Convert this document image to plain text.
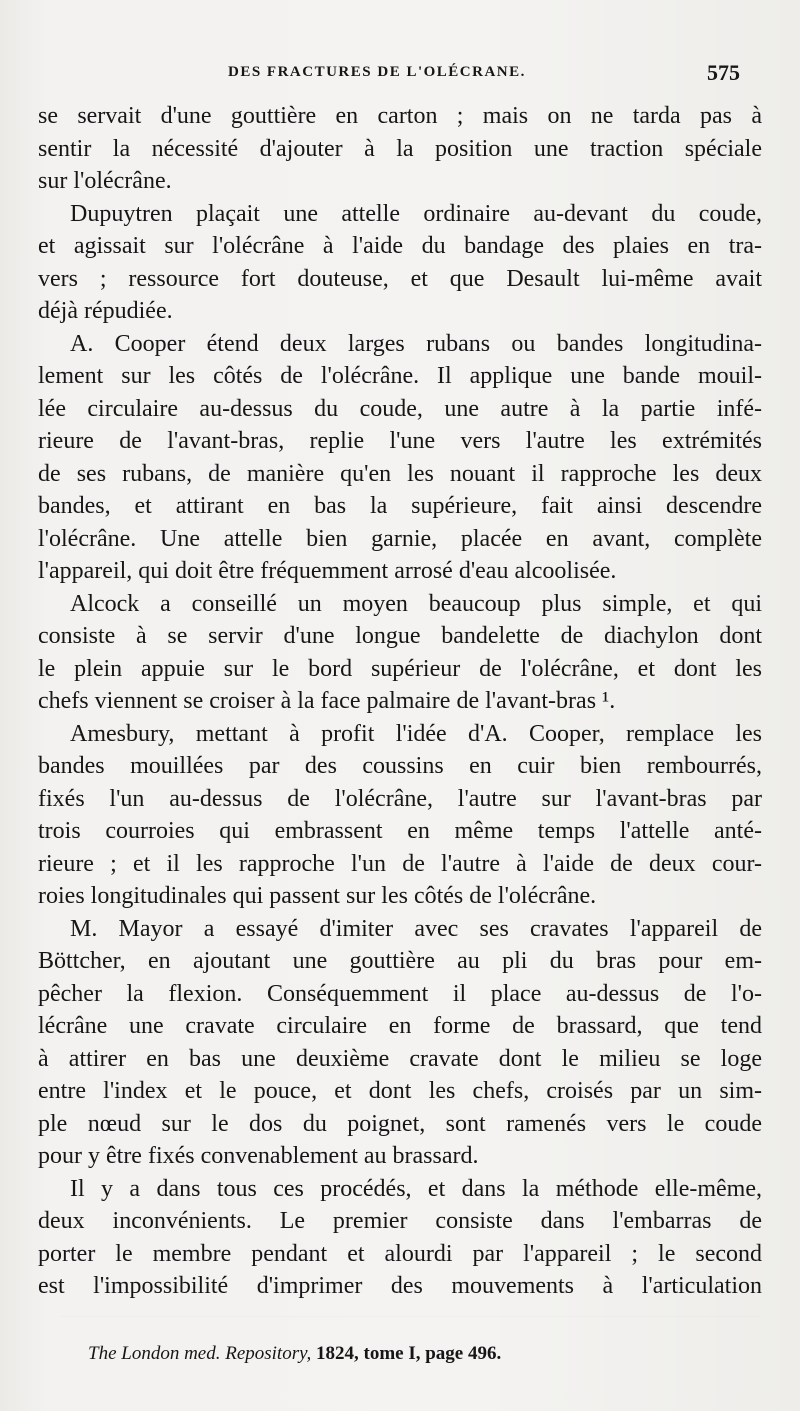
DES FRACTURES DE L'OLÉCRANE.	575
se servait d'une gouttière en carton ; mais on ne tarda pas à
sentir la nécessité d'ajouter à la position une traction spéciale
sur l'olécrâne.
Dupuytren plaçait une attelle ordinaire au-devant du coude,
et agissait sur l'olécrâne à l'aide du bandage des plaies en tra-
vers ; ressource fort douteuse, et que Desault lui-même avait
déjà répudiée.
A. Cooper étend deux larges rubans ou bandes longitudina-
lement sur les côtés de l'olécrâne. Il applique une bande mouil-
lée circulaire au-dessus du coude, une autre à la partie infé-
rieure de l'avant-bras, replie l'une vers l'autre les extrémités
de ses rubans, de manière qu'en les nouant il rapproche les deux
bandes, et attirant en bas la supérieure, fait ainsi descendre
l'olécrâne. Une attelle bien garnie, placée en avant, complète
l'appareil, qui doit être fréquemment arrosé d'eau alcoolisée.
Alcock a conseillé un moyen beaucoup plus simple, et qui
consiste à se servir d'une longue bandelette de diachylon dont
le plein appuie sur le bord supérieur de l'olécrâne, et dont les
chefs viennent se croiser à la face palmaire de l'avant-bras ¹.
Amesbury, mettant à profit l'idée d'A. Cooper, remplace les
bandes mouillées par des coussins en cuir bien rembourrés,
fixés l'un au-dessus de l'olécrâne, l'autre sur l'avant-bras par
trois courroies qui embrassent en même temps l'attelle anté-
rieure ; et il les rapproche l'un de l'autre à l'aide de deux cour-
roies longitudinales qui passent sur les côtés de l'olécrâne.
M. Mayor a essayé d'imiter avec ses cravates l'appareil de
Böttcher, en ajoutant une gouttière au pli du bras pour em-
pêcher la flexion. Conséquemment il place au-dessus de l'o-
lécrâne une cravate circulaire en forme de brassard, que tend
à attirer en bas une deuxième cravate dont le milieu se loge
entre l'index et le pouce, et dont les chefs, croisés par un sim-
ple nœud sur le dos du poignet, sont ramenés vers le coude
pour y être fixés convenablement au brassard.
Il y a dans tous ces procédés, et dans la méthode elle-même,
deux inconvénients. Le premier consiste dans l'embarras de
porter le membre pendant et alourdi par l'appareil ; le second
est l'impossibilité d'imprimer des mouvements à l'articulation
The London med. Repository, 1824, tome I, page 496.
